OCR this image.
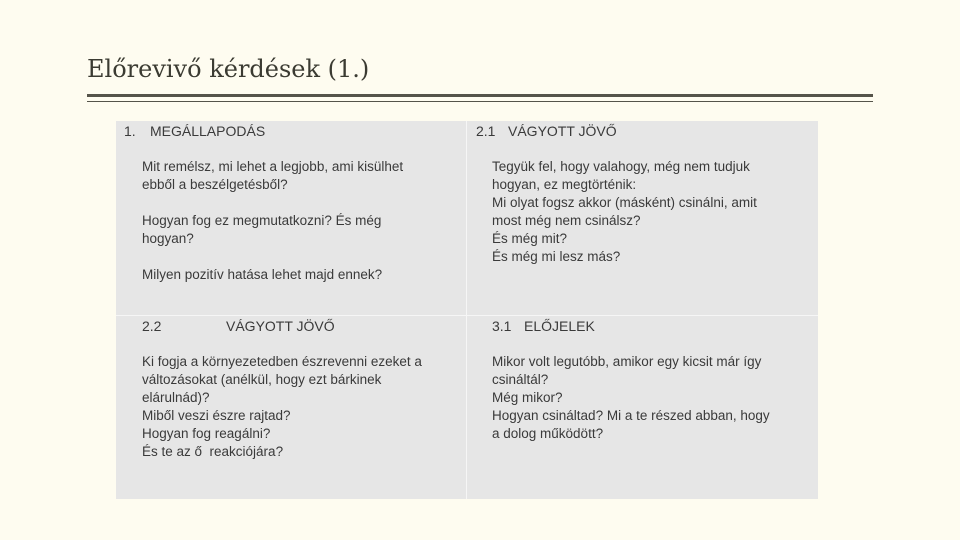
Előrevivő kérdések (1.)
1. MEGÁLLAPODÁS

Mit remélsz, mi lehet a legjobb, ami kisülhet

ebből a beszélgetésből?

Hogyan fog ez megmutatkozni? És még

hogyan?

Milyen pozitív hatása lehet majd ennek?

2.1 VÁGYOTT JÖVŐ

Tegyük fel, hogy valahogy, még nem tudjuk

hogyan, ez megtörténik:

Mi olyat fogsz akkor (másként) csinálni, amit

most még nem csinálsz?

És még mit?

És még mi lesz más?

2.2	VÁGYOTT JÖVŐ

Ki fogja a környezetedben észrevenni ezeket a

változásokat (anélkül, hogy ezt bárkinek

elárulnád)?

Miből veszi észre rajtad?

Hogyan fog reagálni?

És te az ő  reakciójára?

3.1 ELŐJELEK

Mikor volt legutóbb, amikor egy kicsit már így

csináltál?

Még mikor?

Hogyan csináltad? Mi a te részed abban, hogy

a dolog működött?
